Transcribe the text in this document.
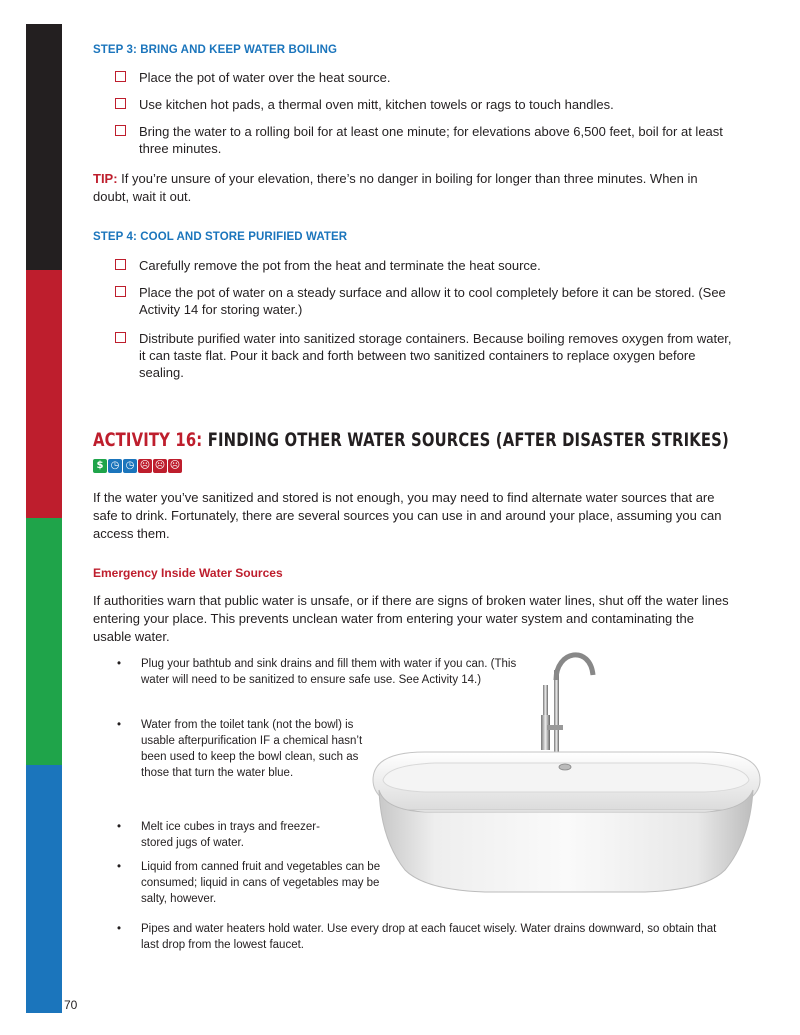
STEP 3: BRING AND KEEP WATER BOILING
Place the pot of water over the heat source.
Use kitchen hot pads, a thermal oven mitt, kitchen towels or rags to touch handles.
Bring the water to a rolling boil for at least one minute; for elevations above 6,500 feet, boil for at least three minutes.
TIP: If you’re unsure of your elevation, there’s no danger in boiling for longer than three minutes. When in doubt, wait it out.
STEP 4: COOL AND STORE PURIFIED WATER
Carefully remove the pot from the heat and terminate the heat source.
Place the pot of water on a steady surface and allow it to cool completely before it can be stored. (See Activity 14 for storing water.)
Distribute purified water into sanitized storage containers. Because boiling removes oxygen from water, it can taste flat. Pour it back and forth between two sanitized containers to replace oxygen before sealing.
ACTIVITY 16: FINDING OTHER WATER SOURCES (AFTER DISASTER STRIKES)
$ ◷ ◷ ☹ ☹ ☹
If the water you’ve sanitized and stored is not enough, you may need to find alternate water sources that are safe to drink. Fortunately, there are several sources you can use in and around your place, assuming you can access them.
Emergency Inside Water Sources
If authorities warn that public water is unsafe, or if there are signs of broken water lines, shut off the water lines entering your place. This prevents unclean water from entering your water system and contaminating the usable water.
•	Plug your bathtub and sink drains and fill them with water if you can. (This water will need to be sanitized to ensure safe use. See Activity 14.)
•	Water from the toilet tank (not the bowl) is usable afterpurification IF a chemical hasn’t been used to keep the bowl clean, such as those that turn the water blue.
•	Melt ice cubes in trays and freezer-stored jugs of water.
•	Liquid from canned fruit and vegetables can be consumed; liquid in cans of vegetables may be salty, however.
•	Pipes and water heaters hold water. Use every drop at each faucet wisely. Water drains downward, so obtain that last drop from the lowest faucet.
70
